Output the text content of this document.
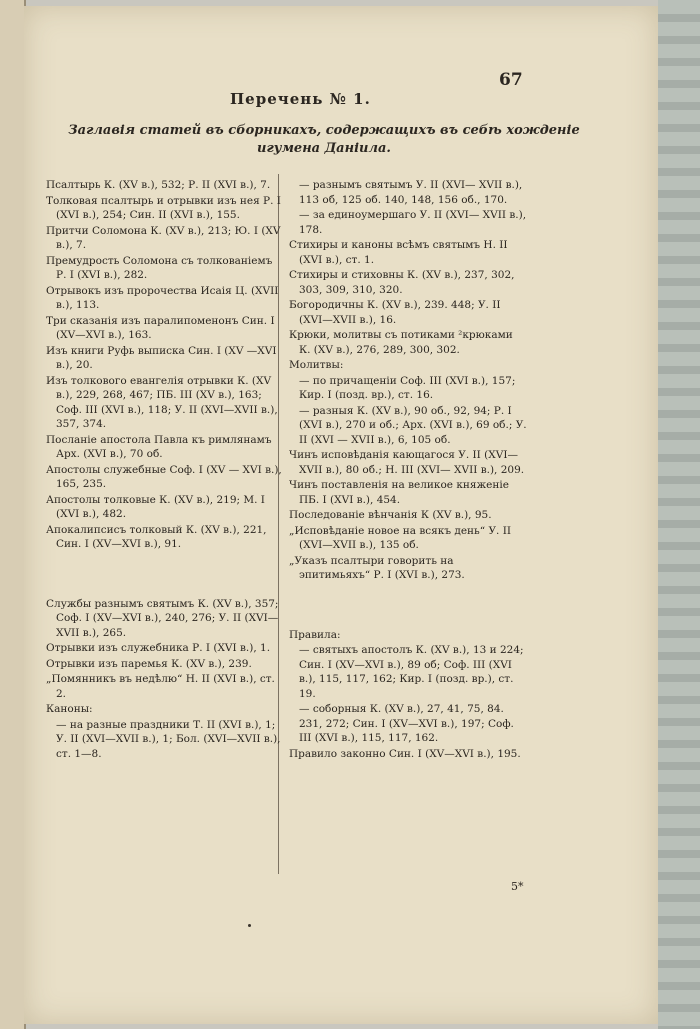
67
Перечень № 1.
Заглавія статей въ сборникахъ, содержащихъ въ себѣ хожденіе
игумена Даніила.
Псалтырь К. (XV в.), 532; Р. II (XVI в.), 7.
Толковая псалтырь и отрывки изъ нея Р. I (XVI в.), 254; Син. II (XVI в.), 155.
Притчи Соломона К. (XV в.), 213; Ю. I (XV в.), 7.
Премудрость Соломона съ толкованіемъ Р. I (XVI в.), 282.
Отрывокъ изъ пророчества Исаія Ц. (XVII в.), 113.
Три сказанія изъ паралипоменонъ Син. I (XV—XVI в.), 163.
Изъ книги Руфь выписка Син. I (XV —XVI в.), 20.
Изъ толкового евангелія отрывки К. (XV в.), 229, 268, 467; ПБ. III (XV в.), 163; Соф. III (XVI в.), 118; У. II (XVI—XVII в.), 357, 374.
Посланіе апостола Павла къ римлянамъ Арх. (XVI в.), 70 об.
Апостолы служебные Соф. I (XV — XVI в.), 165, 235.
Апостолы толковые К. (XV в.), 219; М. I (XVI в.), 482.
Апокалипсисъ толковый К. (XV в.), 221, Син. I (XV—XVI в.), 91.
Службы разнымъ святымъ К. (XV в.), 357; Соф. I (XV—XVI в.), 240, 276; У. II (XVI—XVII в.), 265.
Отрывки изъ служебника Р. I (XVI в.), 1.
Отрывки изъ паремья К. (XV в.), 239.
„Помянникъ въ недѣлю“ Н. II (XVI в.), ст. 2.
Каноны:
— на разные праздники Т. II (XVI в.), 1; У. II (XVI—XVII в.), 1; Бол. (XVI—XVII в.), ст. 1—8.
— разнымъ святымъ У. II (XVI— XVII в.), 113 об, 125 об. 140, 148, 156 об., 170.
— за единоумершаго У. II (XVI— XVII в.), 178.
Стихиры и каноны всѣмъ святымъ Н. II (XVI в.), ст. 1.
Стихиры и стиховны К. (XV в.), 237, 302, 303, 309, 310, 320.
Богородичны К. (XV в.), 239. 448; У. II (XVI—XVII в.), 16.
Крюки, молитвы съ потиками ²крюками К. (XV в.), 276, 289, 300, 302.
Молитвы:
— по причащеніи Соф. III (XVI в.), 157; Кир. I (позд. вр.), ст. 16.
— разныя К. (XV в.), 90 об., 92, 94; Р. I (XVI в.), 270 и об.; Арх. (XVI в.), 69 об.; У. II (XVI — XVII в.), 6, 105 об.
Чинъ исповѣданія кающагося У. II (XVI—XVII в.), 80 об.; Н. III (XVI— XVII в.), 209.
Чинъ поставленія на великое княженіе ПБ. I (XVI в.), 454.
Последованіе вѣнчанія К (XV в.), 95.
„Исповѣданіе новое на всякъ день“ У. II (XVI—XVII в.), 135 об.
„Указъ псалтыри говорить на эпитимьяхъ“ Р. I (XVI в.), 273.
Правила:
— святыхъ апостолъ К. (XV в.), 13 и 224; Син. I (XV—XVI в.), 89 об; Соф. III (XVI в.), 115, 117, 162; Кир. I (позд. вр.), ст. 19.
— соборныя К. (XV в.), 27, 41, 75, 84. 231, 272; Син. I (XV—XVI в.), 197; Соф. III (XVI в.), 115, 117, 162.
Правило законно Син. I (XV—XVI в.), 195.
5*
